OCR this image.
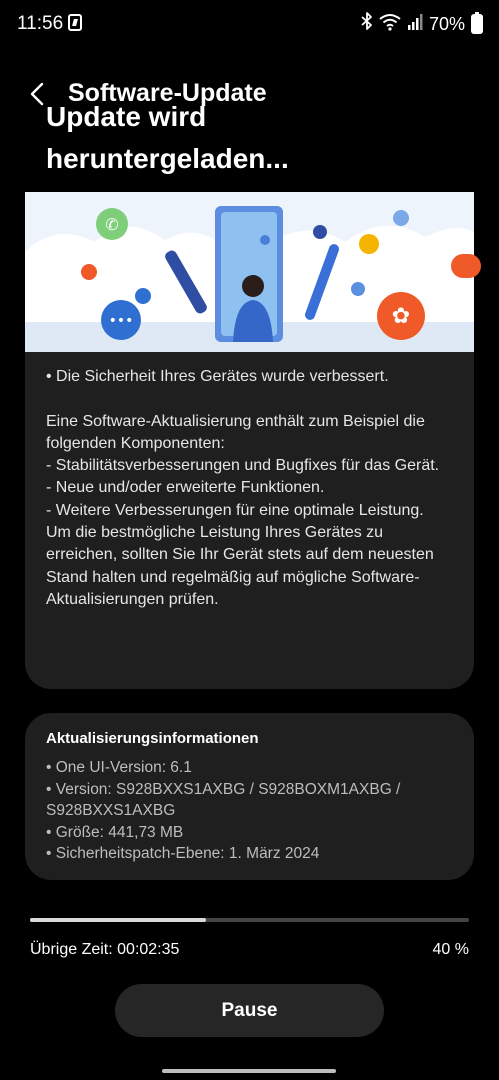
11:56	70%
Software-Update
Update wird
heruntergeladen...
✆
•••	✿
• Die Sicherheit Ihres Gerätes wurde verbessert.

Eine Software-Aktualisierung enthält zum Beispiel die folgenden Komponenten:
- Stabilitätsverbesserungen und Bugfixes für das Gerät.
- Neue und/oder erweiterte Funktionen.
- Weitere Verbesserungen für eine optimale Leistung.
Um die bestmögliche Leistung Ihres Gerätes zu erreichen, sollten Sie Ihr Gerät stets auf dem neuesten Stand halten und regelmäßig auf mögliche Software-Aktualisierungen prüfen.
Aktualisierungsinformationen
• One UI-Version: 6.1
• Version: S928BXXS1AXBG / S928BOXM1AXBG /
S928BXXS1AXBG
• Größe: 441,73 MB
• Sicherheitspatch-Ebene: 1. März 2024
Übrige Zeit: 00:02:35	40 %
Pause
